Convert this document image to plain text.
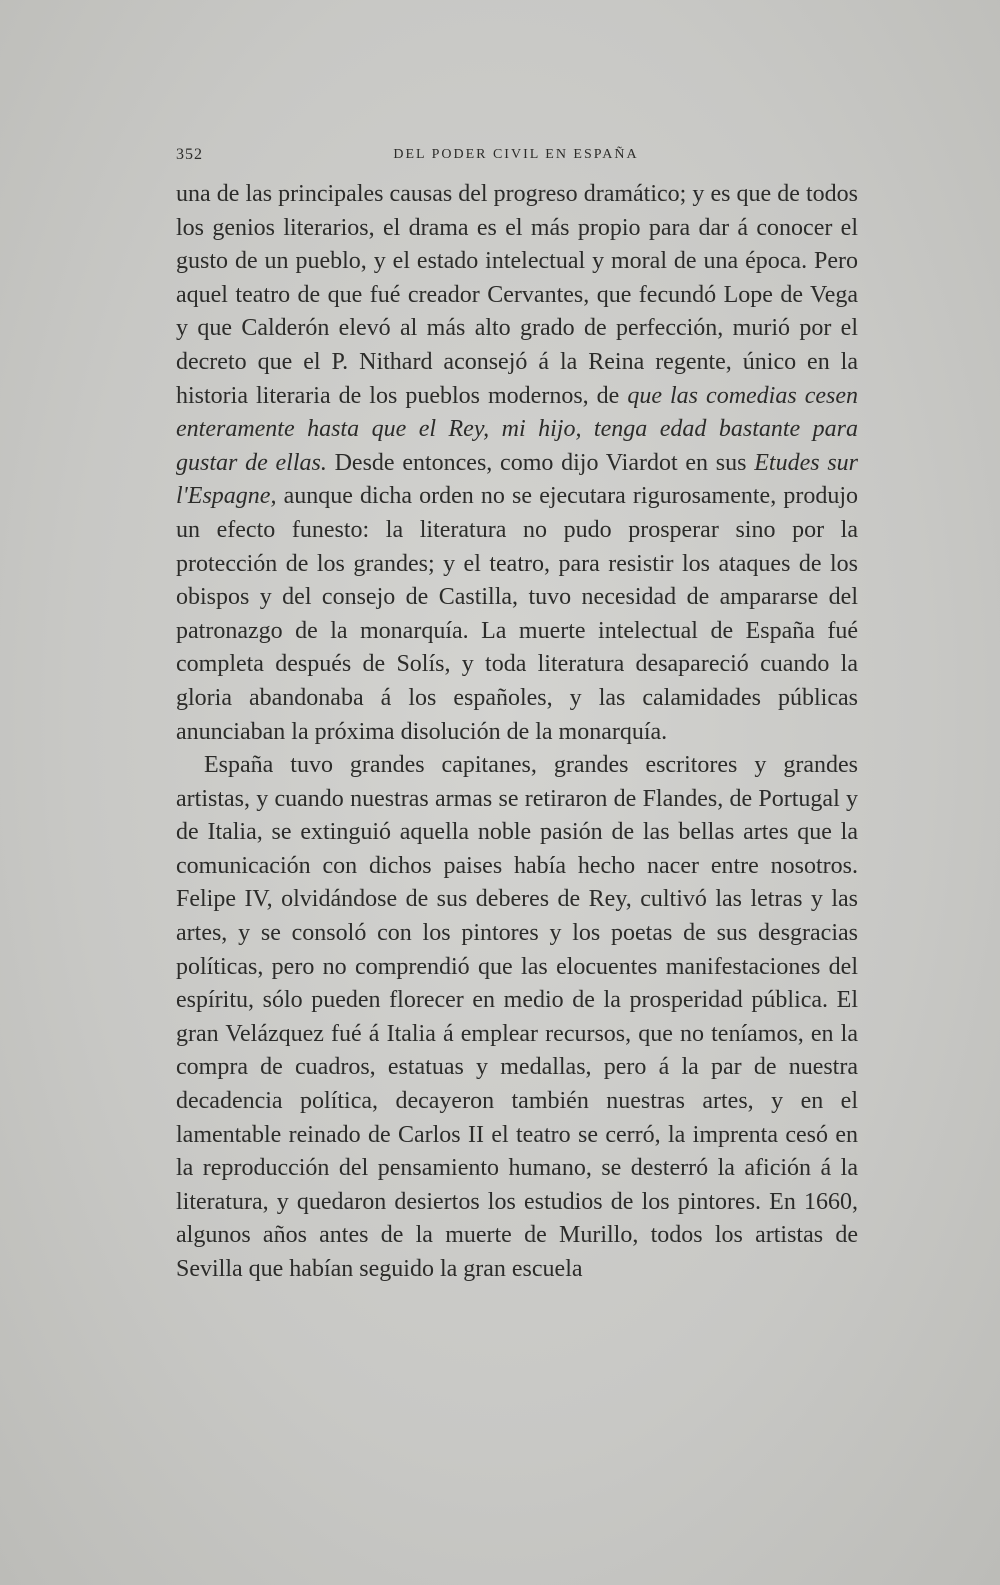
352	DEL PODER CIVIL EN ESPAÑA

una de las principales causas del progreso dramático; y es que de todos los genios literarios, el drama es el más propio para dar á conocer el gusto de un pueblo, y el estado intelectual y moral de una época. Pero aquel teatro de que fué creador Cervantes, que fecundó Lope de Vega y que Calderón elevó al más alto grado de perfección, murió por el decreto que el P. Nithard aconsejó á la Reina regente, único en la historia literaria de los pueblos modernos, de que las comedias cesen enteramente hasta que el Rey, mi hijo, tenga edad bastante para gustar de ellas. Desde entonces, como dijo Viardot en sus Etudes sur l'Espagne, aunque dicha orden no se ejecutara rigurosamente, produjo un efecto funesto: la literatura no pudo prosperar sino por la protección de los grandes; y el teatro, para resistir los ataques de los obispos y del consejo de Castilla, tuvo necesidad de ampararse del patronazgo de la monarquía. La muerte intelectual de España fué completa después de Solís, y toda literatura desapareció cuando la gloria abandonaba á los españoles, y las calamidades públicas anunciaban la próxima disolución de la monarquía.

España tuvo grandes capitanes, grandes escritores y grandes artistas, y cuando nuestras armas se retiraron de Flandes, de Portugal y de Italia, se extinguió aquella noble pasión de las bellas artes que la comunicación con dichos paises había hecho nacer entre nosotros. Felipe IV, olvidándose de sus deberes de Rey, cultivó las letras y las artes, y se consoló con los pintores y los poetas de sus desgracias políticas, pero no comprendió que las elocuentes manifestaciones del espíritu, sólo pueden florecer en medio de la prosperidad pública. El gran Velázquez fué á Italia á emplear recursos, que no teníamos, en la compra de cuadros, estatuas y medallas, pero á la par de nuestra decadencia política, decayeron también nuestras artes, y en el lamentable reinado de Carlos II el teatro se cerró, la imprenta cesó en la reproducción del pensamiento humano, se desterró la afición á la literatura, y quedaron desiertos los estudios de los pintores. En 1660, algunos años antes de la muerte de Murillo, todos los artistas de Sevilla que habían seguido la gran escuela
